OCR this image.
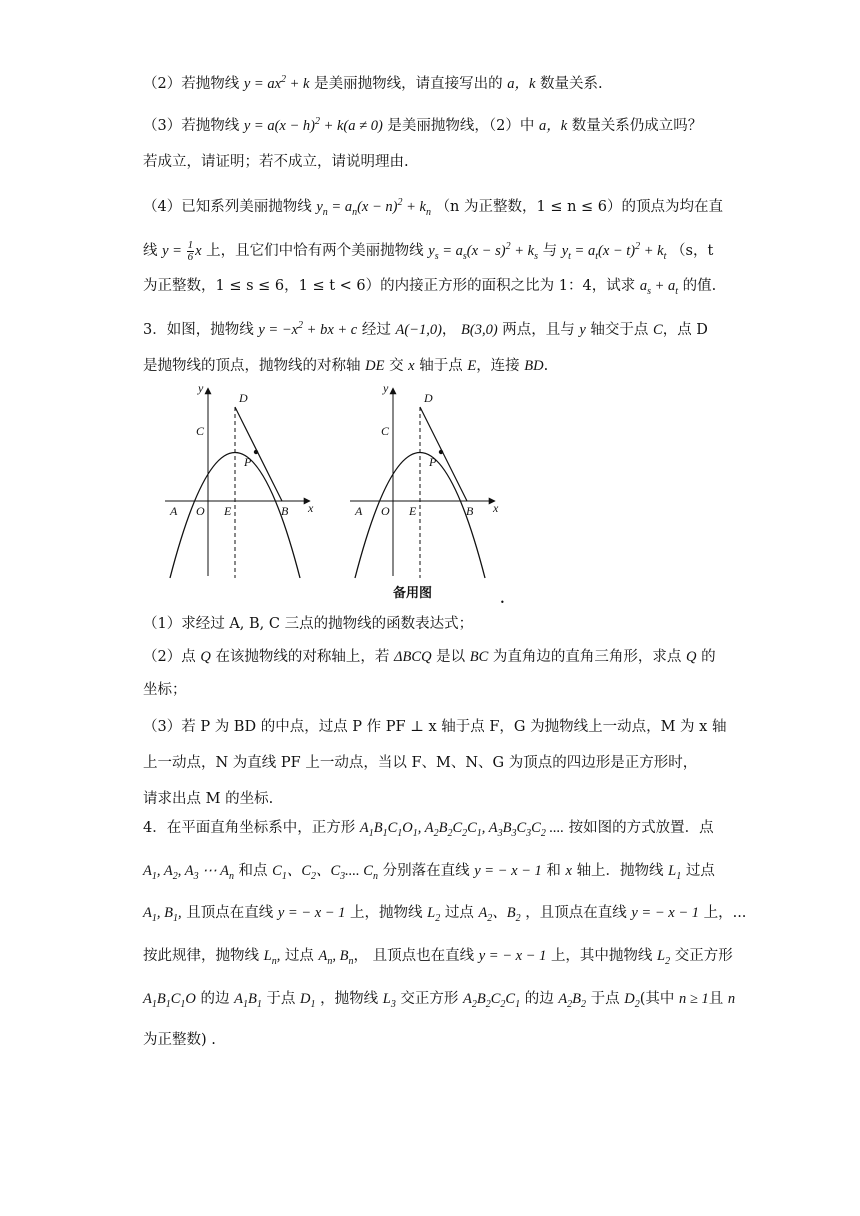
（2）若抛物线 $y = ax^2 + k$ 是美丽抛物线，请直接写出的 a，k 数量关系.
（3）若抛物线 $y = a(x - h)^2 + k(a \ne 0)$ 是美丽抛物线，（2）中 a，k 数量关系仍成立吗？
若成立，请证明；若不成立，请说明理由.
（4）已知系列美丽抛物线 $y_n = a_n(x - n)^2 + k_n$ （n 为正整数，1 ≤ n ≤ 6）的顶点为均在直
线 $y = \frac{1}{6}$ x 上，且它们中恰有两个美丽抛物线 $y_s = a_s(x - s)^2 + k_s$ 与 $y_t = a_t(x - t)^2 + k_t$ （s，t
为正整数，1 ≤ s ≤ 6，1 ≤ t < 6）的内接正方形的面积之比为 1：4，试求 $a_s + a_t$ 的值.
3．如图，抛物线 $y = -x^2$ + bx + c 经过 A(−1,0)， B(3,0) 两点，且与 y 轴交于点 C，点 D
是抛物线的顶点，抛物线的对称轴 DE 交 x 轴于点 E，连接 BD.
y
x
D
C
P
A O E	B
y
x
D
C
P
A O E	B
备用图
•
（1）求经过 A, B, C 三点的抛物线的函数表达式；
（2）点 Q 在该抛物线的对称轴上，若 ΔBCQ 是以 BC 为直角边的直角三角形，求点 Q 的
坐标；
（3）若 P 为 BD 的中点，过点 P 作 PF ⊥ x 轴于点 F，G 为抛物线上一动点，M 为 x 轴
上一动点，N 为直线 PF 上一动点，当以 F、M、N、G 为顶点的四边形是正方形时，
请求出点 M 的坐标.
4．在平面直角坐标系中，正方形 $A_1B_1C_1O_1$, $A_2B_2C_2C_1$, $A_3B_3C_3C_2$ .... 按如图的方式放置．点
$A_1$, $A_2$, $A_3$ ⋯ $A_n$ 和点 $C_1$、$C_2$、$C_3$.... $C_n$ 分别落在直线 y = − x − 1 和 x 轴上．抛物线 $L_1$ 过点
$A_1$, $B_1$, 且顶点在直线 y = − x − 1 上，抛物线 $L_2$ 过点 $A_2$、$B_2$ ，且顶点在直线 y = − x − 1 上，...
按此规律，抛物线 $L_n$, 过点 $A_n$, $B_n$， 且顶点也在直线 y = − x − 1 上，其中抛物线 $L_2$ 交正方形
$A_1B_1C_1O$ 的边 $A_1B_1$ 于点 $D_1$ ，抛物线 $L_3$ 交正方形 $A_2B_2C_2C_1$ 的边 $A_2B_2$ 于点 $D_2$(其中 n ≥ 1且 n
为正整数) .
